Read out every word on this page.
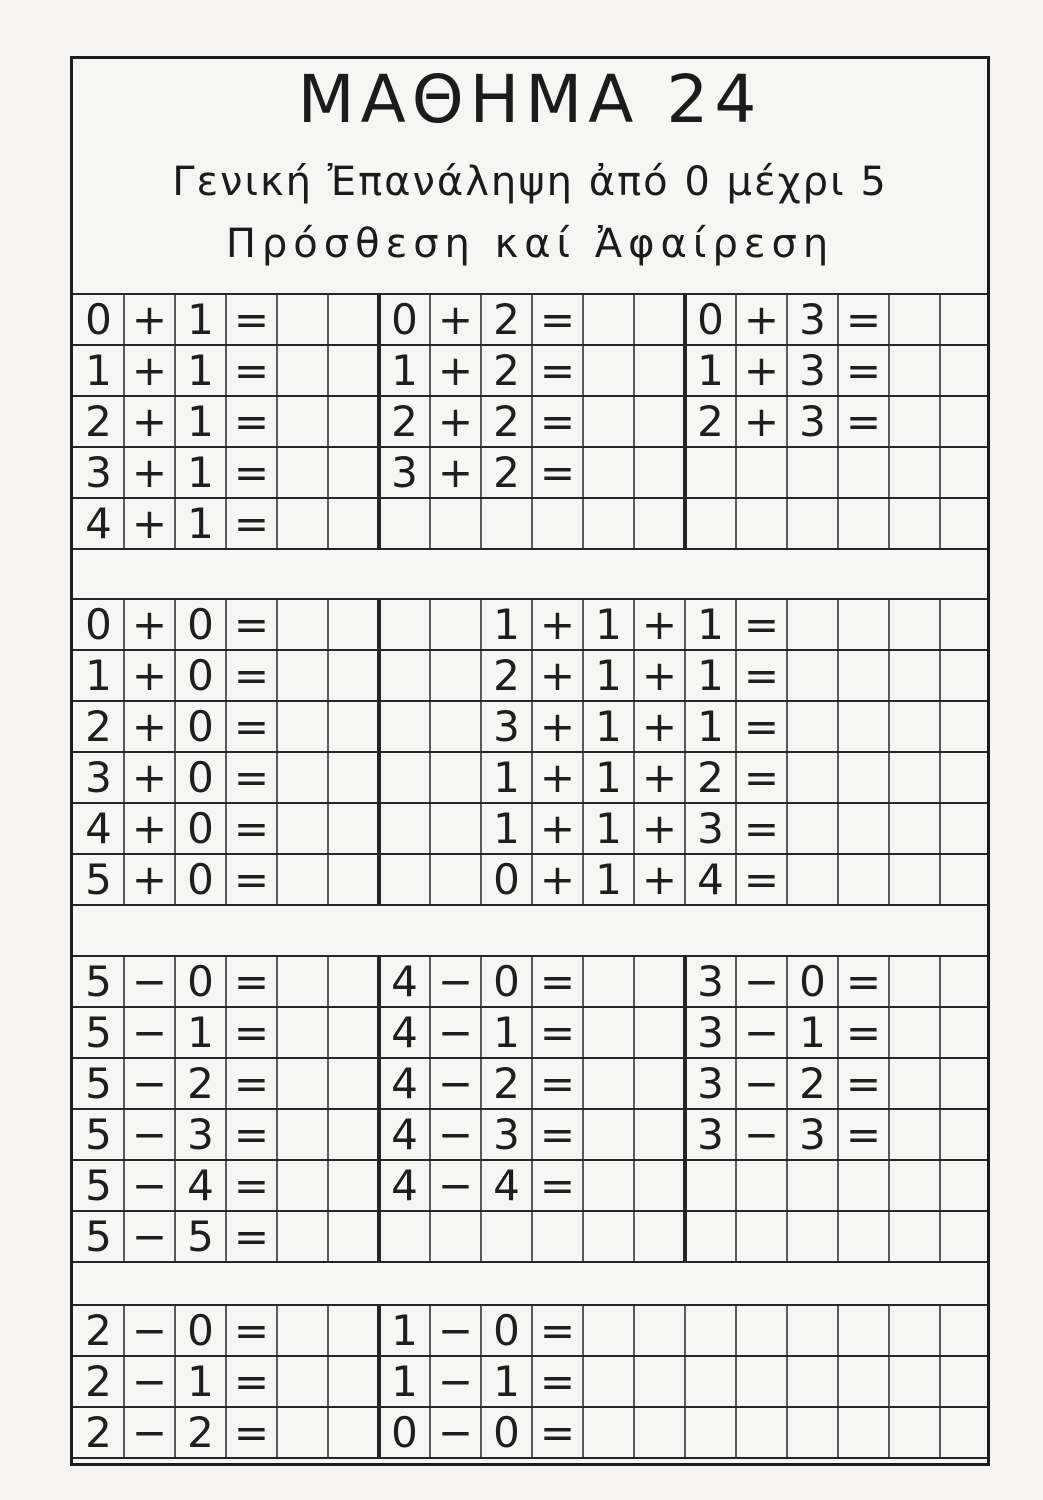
ΜΑΘΗΜΑ 24
Γενική Ἐπανάληψη ἀπό 0 μέχρι 5
Πρόσθεση καί Ἀφαίρεση
0 + 1 =
1 + 1 =
2 + 1 =
3 + 1 =
4 + 1 =
0 + 2 =
1 + 2 =
2 + 2 =
3 + 2 =
0 + 3 =
1 + 3 =
2 + 3 =
0 + 0 =
1 + 0 =
2 + 0 =
3 + 0 =
4 + 0 =
5 + 0 =
1 + 1 + 1 =
2 + 1 + 1 =
3 + 1 + 1 =
1 + 1 + 2 =
1 + 1 + 3 =
0 + 1 + 4 =
5 − 0 =
5 − 1 =
5 − 2 =
5 − 3 =
5 − 4 =
5 − 5 =
4 − 0 =
4 − 1 =
4 − 2 =
4 − 3 =
4 − 4 =
3 − 0 =
3 − 1 =
3 − 2 =
3 − 3 =
2 − 0 =
2 − 1 =
2 − 2 =
1 − 0 =
1 − 1 =
0 − 0 =
